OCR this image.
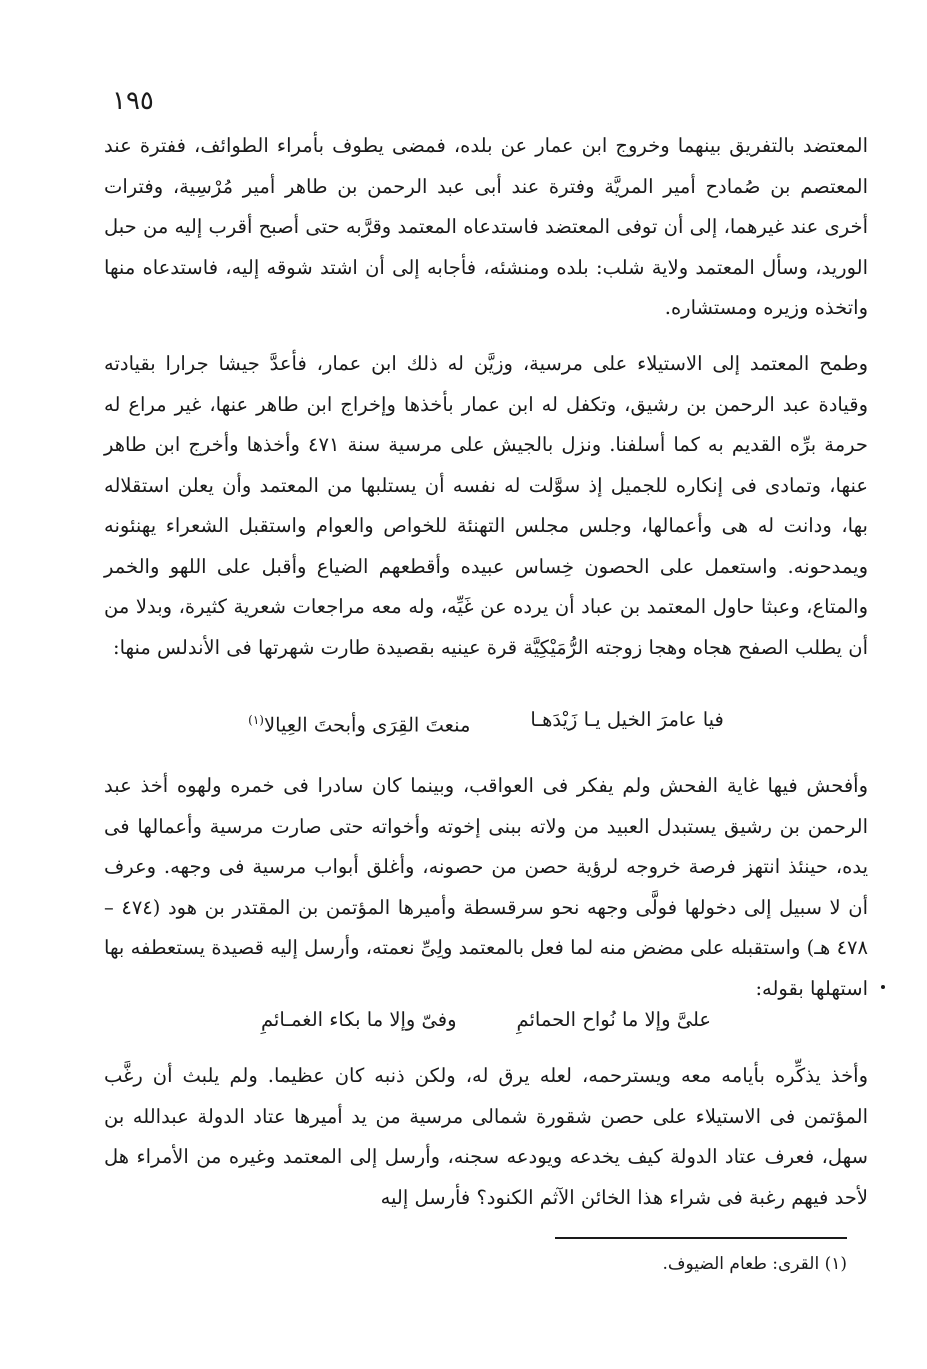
١٩٥
المعتضد بالتفريق بينهما وخروج ابن عمار عن بلده، فمضى يطوف بأمراء الطوائف، ففترة عند المعتصم بن صُمادح أمير المريَّة وفترة عند أبى عبد الرحمن بن طاهر أمير مُرْسِية، وفترات أخرى عند غيرهما، إلى أن توفى المعتضد فاستدعاه المعتمد وقرَّبه حتى أصبح أقرب إليه من حبل الوريد، وسأل المعتمد ولاية شلب: بلده ومنشئه، فأجابه إلى أن اشتد شوقه إليه، فاستدعاه منها واتخذه وزيره ومستشاره.
وطمح المعتمد إلى الاستيلاء على مرسية، وزيَّن له ذلك ابن عمار، فأعدَّ جيشا جرارا بقيادته وقيادة عبد الرحمن بن رشيق، وتكفل له ابن عمار بأخذها وإخراج ابن طاهر عنها، غير مراع له حرمة برِّه القديم به كما أسلفنا. ونزل بالجيش على مرسية سنة ٤٧١ وأخذها وأخرج ابن طاهر عنها، وتمادى فى إنكاره للجميل إذ سوَّلت له نفسه أن يستلبها من المعتمد وأن يعلن استقلاله بها، ودانت له هى وأعمالها، وجلس مجلس التهنئة للخواص والعوام واستقبل الشعراء يهنئونه ويمدحونه. واستعمل على الحصون خِساس عبيده وأقطعهم الضياع وأقبل على اللهو والخمر والمتاع، وعبثا حاول المعتمد بن عباد أن يرده عن غَيِّه، وله معه مراجعات شعرية كثيرة، وبدلا من أن يطلب الصفح هجاه وهجا زوجته الرُّمَيْكِيَّة قرة عينيه بقصيدة طارت شهرتها فى الأندلس منها:
فيا عامرَ الخيل يـا زَيْدَهـا
منعتَ القِرَى وأبحتَ العِيالا$^{(١)}$
وأفحش فيها غاية الفحش ولم يفكر فى العواقب، وبينما كان سادرا فى خمره ولهوه أخذ عبد الرحمن بن رشيق يستبدل العبيد من ولاته ببنى إخوته وأخواته حتى صارت مرسية وأعمالها فى يده، حينئذ انتهز فرصة خروجه لرؤية حصن من حصونه، وأغلق أبواب مرسية فى وجهه. وعرف أن لا سبيل إلى دخولها فولَّى وجهه نحو سرقسطة وأميرها المؤتمن بن المقتدر بن هود (٤٧٤ – ٤٧٨ هـ) واستقبله على مضض منه لما فعل بالمعتمد ولِىِّ نعمته، وأرسل إليه قصيدة يستعطفه بها استهلها بقوله:
علىَّ وإلا ما نُواح الحمائمِ
وفىّ وإلا ما بكاء الغمـائمِ
وأخذ يذكِّره بأيامه معه ويسترحمه، لعله يرق له، ولكن ذنبه كان عظيما. ولم يلبث أن رغَّب المؤتمن فى الاستيلاء على حصن شقورة شمالى مرسية من يد أميرها عتاد الدولة عبدالله بن سهل، فعرف عتاد الدولة كيف يخدعه ويودعه سجنه، وأرسل إلى المعتمد وغيره من الأمراء هل لأحد فيهم رغبة فى شراء هذا الخائن الآثم الكنود؟ فأرسل إليه
(١) القرى: طعام الضيوف.
